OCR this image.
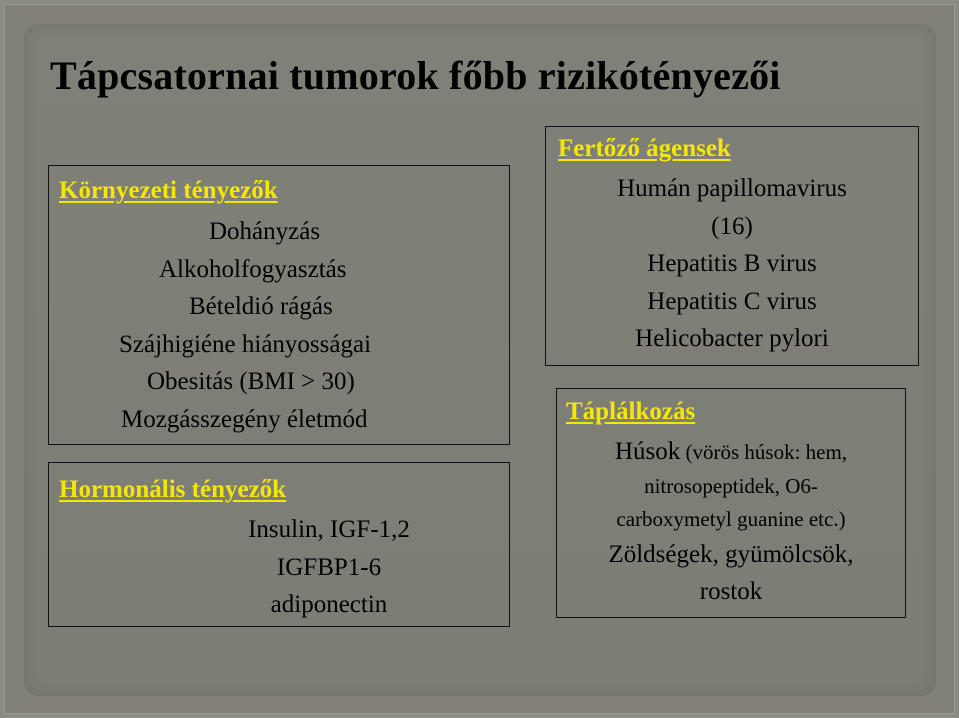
Tápcsatornai tumorok főbb rizikótényezői

Környezeti tényezők

Dohányzás

Alkoholfogyasztás

Bételdió rágás

Szájhigiéne hiányosságai

Obesitás (BMI > 30)

Mozgásszegény életmód

Hormonális tényezők

Insulin, IGF-1,2

IGFBP1-6

adiponectin

Fertőző ágensek

Humán papillomavirus

(16)

Hepatitis B virus

Hepatitis C virus

Helicobacter pylori

Táplálkozás

Húsok (vörös húsok: hem,

nitrosopeptidek, O6-

carboxymetyl guanine etc.)

Zöldségek, gyümölcsök,

rostok
